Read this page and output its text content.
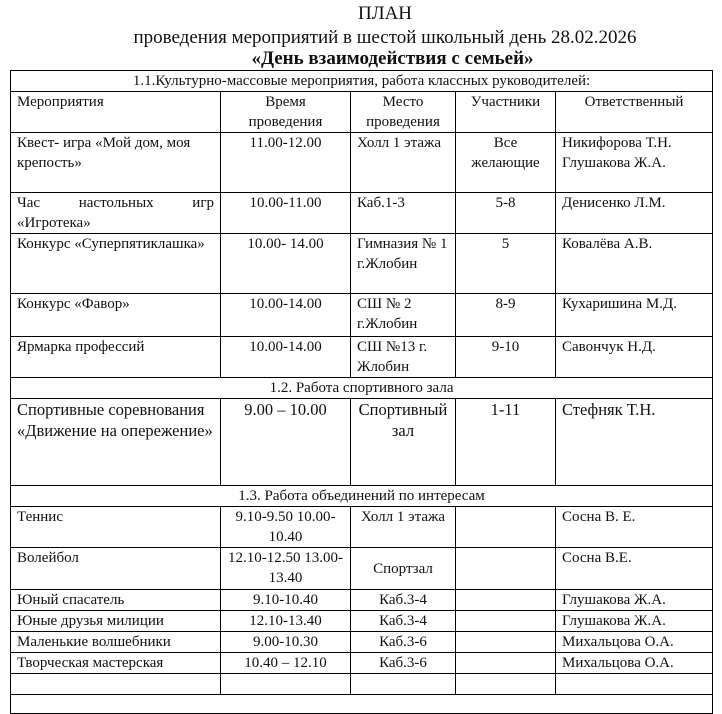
ПЛАН
проведения мероприятий в шестой школьный день 28.02.2026
«День взаимодействия с семьей»
1.1.Культурно-массовые мероприятия, работа классных руководителей:				
Мероприятия	Время проведения	Место проведения	Участники	Ответственный
Квест- игра «Мой дом, моя крепость»	11.00-12.00	Холл 1 этажа	Все желающие	Никифорова Т.Н. Глушакова Ж.А.
Час настольных игр «Игротека»	10.00-11.00	Каб.1-3	5-8	Денисенко Л.М.
Конкурс «Суперпятиклашка»	10.00- 14.00	Гимназия № 1 г.Жлобин	5	Ковалёва А.В.
Конкурс «Фавор»	10.00-14.00	СШ № 2 г.Жлобин	8-9	Кухаришина М.Д.
Ярмарка профессий	10.00-14.00	СШ №13 г. Жлобин	9-10	Савончук Н.Д.
1.2. Работа спортивного зала				
Спортивные соревнования «Движение на опережение»	9.00 – 10.00	Спортивный зал	1-11	Стефняк Т.Н.
1.3. Работа объединений по интересам				
Теннис	9.10-9.50 10.00-10.40	Холл 1 этажа		Сосна В. Е.
Волейбол	12.10-12.50 13.00-13.40	Спортзал		Сосна В.Е.
Юный спасатель	9.10-10.40	Каб.3-4		Глушакова Ж.А.
Юные друзья милиции	12.10-13.40	Каб.3-4		Глушакова Ж.А.
Маленькие волшебники	9.00-10.30	Каб.3-6		Михальцова О.А.
Творческая мастерская	10.40 – 12.10	Каб.3-6		Михальцова О.А.
